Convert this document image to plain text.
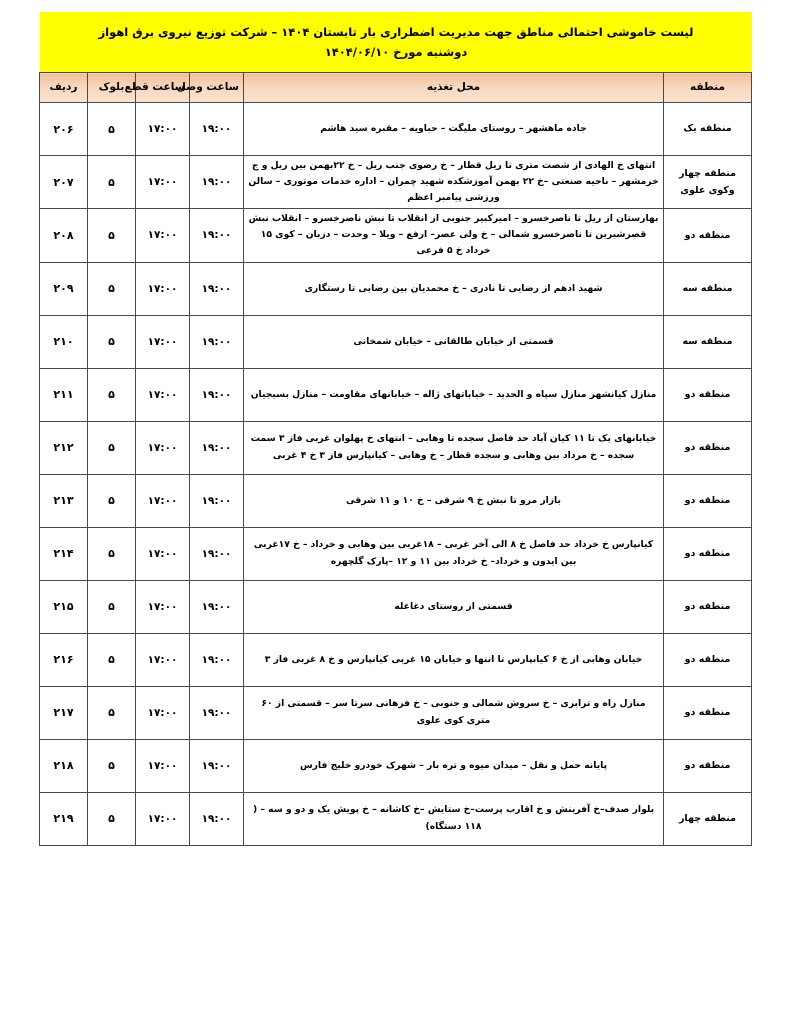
لیست خاموشی احتمالی مناطق جهت مدیریت اضطراری بار تابستان ۱۴۰۴ – شرکت توزیع نیروی برق اهواز
دوشنبه مورخ ۱۴۰۴/۰۶/۱۰
منطقه	محل تغذیه	ساعت وصل	ساعت قطع	بلوک	ردیف
منطقه یک	جاده ماهشهر – روستای ملیگت – حباویه – مقبره سید هاشم	۱۹:۰۰	۱۷:۰۰	۵	۲۰۶
منطقه چهار وکوی علوی	انتهای خ الهادی از شصت متری تا ریل قطار – خ رضوی جنب ریل – خ ۲۲بهمن بین ریل و ج خرمشهر – ناحیه صنعتی –خ ۲۲ بهمن آموزشکده شهید چمران – اداره خدمات موتوری – سالن ورزشی پیامبر اعظم	۱۹:۰۰	۱۷:۰۰	۵	۲۰۷
منطقه دو	بهارستان از ریل تا ناصرخسرو – امیرکبیر جنوبی از انقلاب تا نبش ناصرخسرو – انقلاب نبش قصرشیرین تا ناصرخسرو شمالی – خ ولی عصر– ارفع – ویلا – وحدت – دزبان – کوی ۱۵ خرداد خ ۵ فرعی	۱۹:۰۰	۱۷:۰۰	۵	۲۰۸
منطقه سه	شهید ادهم از رضایی تا نادری – خ محمدیان بین رضایی تا رستگاری	۱۹:۰۰	۱۷:۰۰	۵	۲۰۹
منطقه سه	قسمتی از خیابان طالقانی – خیابان شمخانی	۱۹:۰۰	۱۷:۰۰	۵	۲۱۰
منطقه دو	منازل کیانشهر منازل سپاه و الحدید – خیاباتهای ژاله – خیابانهای مقاومت – منازل بسیجیان	۱۹:۰۰	۱۷:۰۰	۵	۲۱۱
منطقه دو	خیابانهای یک تا ۱۱ کیان آباد حد فاصل سجده تا وهابی – انتهای خ پهلوان غربی فاز ۳ سمت سجده – خ مرداد بین وهابی و سجده قطار – خ وهابی – کیانپارس فاز ۳ خ ۴ غربی	۱۹:۰۰	۱۷:۰۰	۵	۲۱۲
منطقه دو	بازار مرو تا نبش خ ۹ شرقی – خ ۱۰ و ۱۱ شرقی	۱۹:۰۰	۱۷:۰۰	۵	۲۱۳
منطقه دو	کیانپارس خ خرداد حد فاصل خ ۸ الی آخر غربی – ۱۸غربی بین وهابی و خرداد – خ ۱۷غربی بین ایدون و خرداد– خ خرداد بین ۱۱ و ۱۲ –پارک گلچهره	۱۹:۰۰	۱۷:۰۰	۵	۲۱۴
منطقه دو	قسمتی از روستای دغاغله	۱۹:۰۰	۱۷:۰۰	۵	۲۱۵
منطقه دو	خیابان وهابی از خ ۶ کیانپارس تا انتها و خیابان ۱۵ غربی کیانپارس و خ ۸ غربی فاز ۳	۱۹:۰۰	۱۷:۰۰	۵	۲۱۶
منطقه دو	منازل راه و ترابری – خ سروش شمالی و جنوبی – خ فرهانی سرتا سر – قسمتی از ۶۰ متری کوی علوی	۱۹:۰۰	۱۷:۰۰	۵	۲۱۷
منطقه دو	پایانه حمل و نقل – میدان میوه و تره بار – شهرک خودرو خلیج فارس	۱۹:۰۰	۱۷:۰۰	۵	۲۱۸
منطقه چهار	بلوار صدف–خ آفرینش و خ اقارب پرست–خ ستایش –خ کاشانه – خ پویش یک و دو و سه – ( ۱۱۸ دستگاه)	۱۹:۰۰	۱۷:۰۰	۵	۲۱۹
